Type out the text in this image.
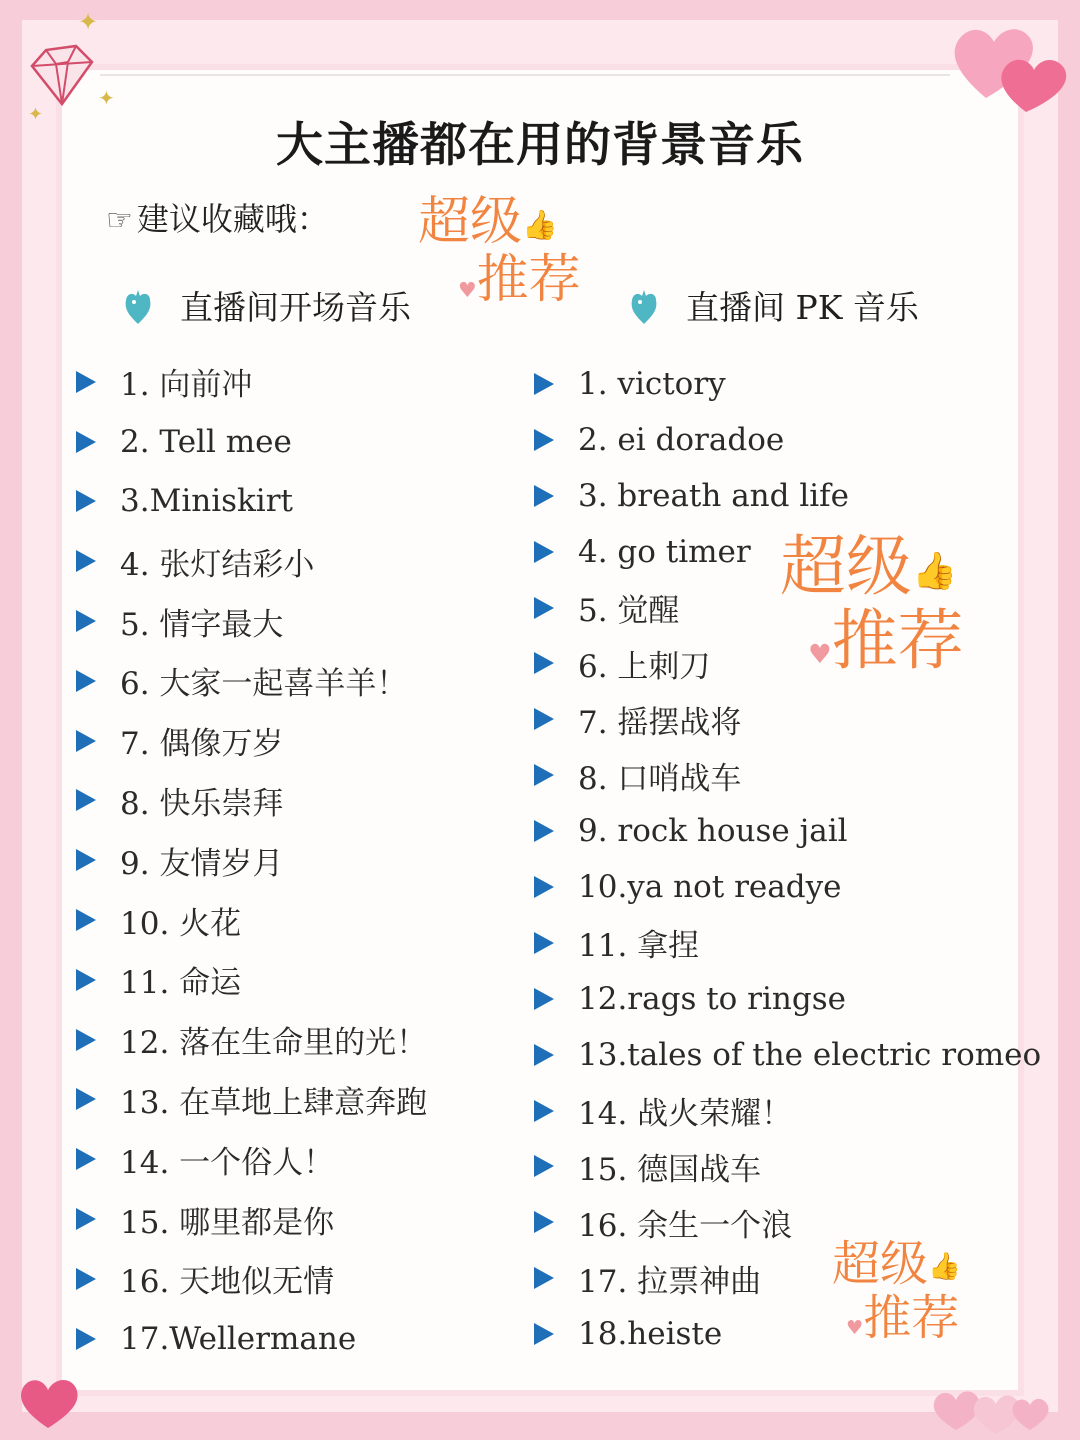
✦
✦
✦
大主播都在用的背景音乐
☞ 建议收藏哦： 超级👍
♥推荐
超级👍
♥推荐
超级👍
♥推荐
直播间开场音乐	直播间 PK 音乐
1. 向前冲
2. Tell mee
3.Miniskirt
4. 张灯结彩小
5. 情字最大
6. 大家一起喜羊羊！
7. 偶像万岁
8. 快乐崇拜
9. 友情岁月
10. 火花
11. 命运
12. 落在生命里的光！
13. 在草地上肆意奔跑
14. 一个俗人！
15. 哪里都是你
16. 天地似无情
17.Wellermane
1. victory
2. ei doradoe
3. breath and life
4. go timer
5. 觉醒
6. 上刺刀
7. 摇摆战将
8. 口哨战车
9. rock house jail
10.ya not readye
11. 拿捏
12.rags to ringse
13.tales of the electric romeo
14. 战火荣耀！
15. 德国战车
16. 余生一个浪
17. 拉票神曲
18.heiste
